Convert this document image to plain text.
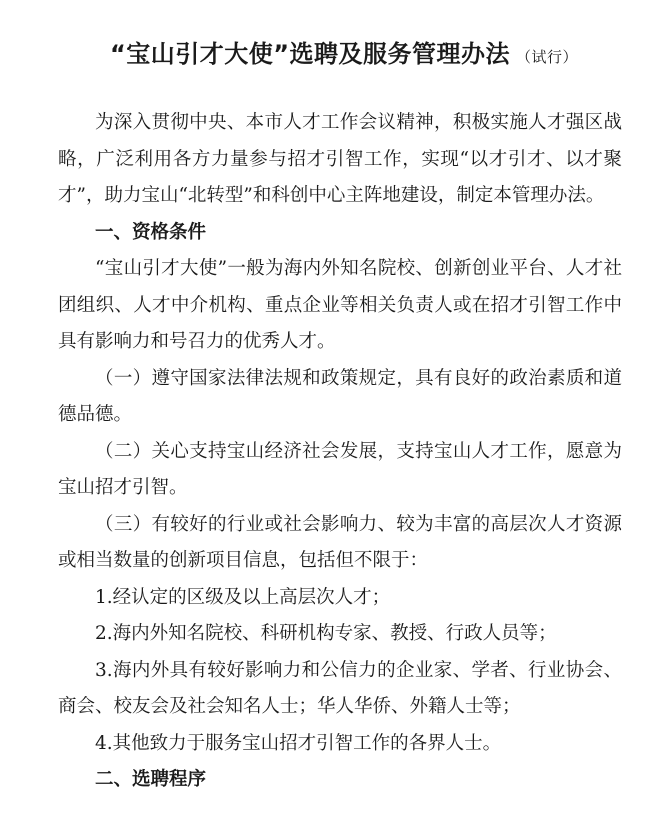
“宝山引才大使”选聘及服务管理办法 （试行）

为深入贯彻中央、本市人才工作会议精神，积极实施人才强区战略，广泛利用各方力量参与招才引智工作，实现“以才引才、以才聚才”，助力宝山“北转型”和科创中心主阵地建设，制定本管理办法。

一、资格条件

“宝山引才大使”一般为海内外知名院校、创新创业平台、人才社团组织、人才中介机构、重点企业等相关负责人或在招才引智工作中具有影响力和号召力的优秀人才。

（一）遵守国家法律法规和政策规定，具有良好的政治素质和道德品德。

（二）关心支持宝山经济社会发展，支持宝山人才工作，愿意为宝山招才引智。

（三）有较好的行业或社会影响力、较为丰富的高层次人才资源或相当数量的创新项目信息，包括但不限于：

1.经认定的区级及以上高层次人才；

2.海内外知名院校、科研机构专家、教授、行政人员等；

3.海内外具有较好影响力和公信力的企业家、学者、行业协会、商会、校友会及社会知名人士；华人华侨、外籍人士等；

4.其他致力于服务宝山招才引智工作的各界人士。

二、选聘程序
